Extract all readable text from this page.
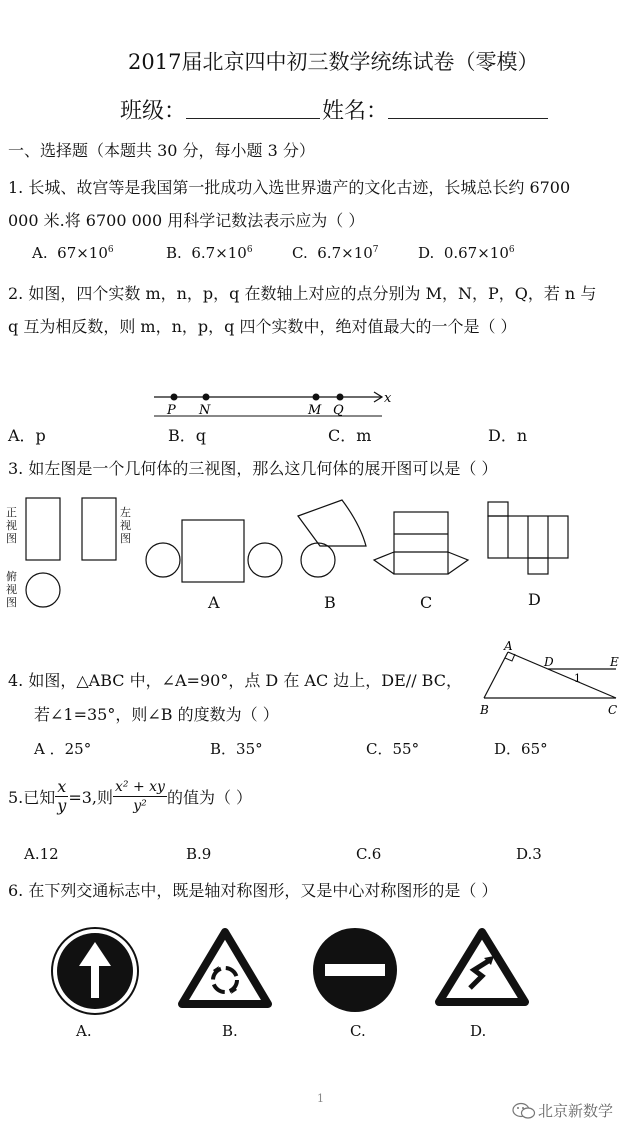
2017届北京四中初三数学统练试卷（零模）
班级：	姓名：
一、选择题（本题共 30 分，每小题 3 分）
1. 长城、故宫等是我国第一批成功入选世界遗产的文化古迹，长城总长约 6700
000 米.将 6700 000 用科学记数法表示应为（ ）
A. $67\times 10^6$	B. $6.7\times 10^6$	C. $6.7\times 10^7$	D. $0.67\times 10^6$
2. 如图，四个实数 m，n，p，q 在数轴上对应的点分别为 M，N，P，Q，若 n 与
q 互为相反数，则 m，n，p，q 四个实数中，绝对值最大的一个是（ ）
P N	M Q
x
A．p	B．q	C．m	D．n
3. 如左图是一个几何体的三视图，那么这几何体的展开图可以是（ ）
正
视
图
左
视
图
俯
视
图	A	B	C	D
4. 如图，△ABC 中，∠A=90°，点 D 在 AC 边上，DE// BC，
若∠1=35°，则∠B 的度数为（ ）
A
D	E
1
B	C
A ．25°	B．35°	C．55°	D．65°
5.已知 $\frac{x}{y} =3$,则 $\frac{\text{x² + xy}}{\text{y²}}$ 的值为（ ）
A.12	B.9	C.6	D.3
6. 在下列交通标志中，既是轴对称图形，又是中心对称图形的是（ ）
A.	B.	C.	D.
1
北京新数学
